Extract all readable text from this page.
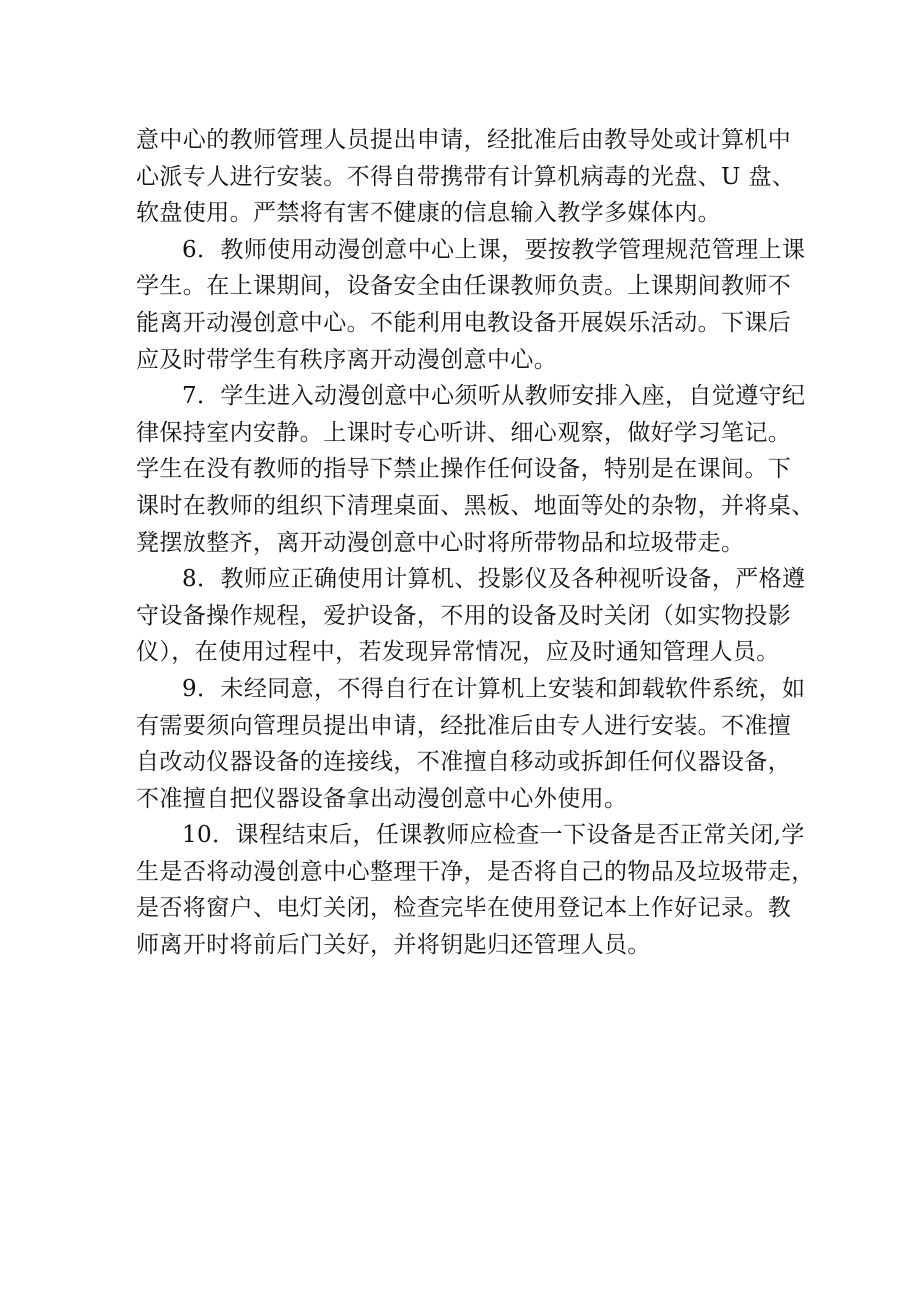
意中心的教师管理人员提出申请，经批准后由教导处或计算机中
心派专人进行安装。不得自带携带有计算机病毒的光盘、U 盘、
软盘使用。严禁将有害不健康的信息输入教学多媒体内。

6．教师使用动漫创意中心上课，要按教学管理规范管理上课
学生。在上课期间，设备安全由任课教师负责。上课期间教师不
能离开动漫创意中心。不能利用电教设备开展娱乐活动。下课后
应及时带学生有秩序离开动漫创意中心。

7．学生进入动漫创意中心须听从教师安排入座，自觉遵守纪
律保持室内安静。上课时专心听讲、细心观察，做好学习笔记。
学生在没有教师的指导下禁止操作任何设备，特别是在课间。下
课时在教师的组织下清理桌面、黑板、地面等处的杂物，并将桌、
凳摆放整齐，离开动漫创意中心时将所带物品和垃圾带走。

8．教师应正确使用计算机、投影仪及各种视听设备，严格遵
守设备操作规程，爱护设备，不用的设备及时关闭（如实物投影
仪），在使用过程中，若发现异常情况，应及时通知管理人员。

9．未经同意，不得自行在计算机上安装和卸载软件系统，如
有需要须向管理员提出申请，经批准后由专人进行安装。不准擅
自改动仪器设备的连接线，不准擅自移动或拆卸任何仪器设备，
不准擅自把仪器设备拿出动漫创意中心外使用。

10．课程结束后，任课教师应检查一下设备是否正常关闭,学
生是否将动漫创意中心整理干净，是否将自己的物品及垃圾带走，
是否将窗户、电灯关闭，检查完毕在使用登记本上作好记录。教
师离开时将前后门关好，并将钥匙归还管理人员。
